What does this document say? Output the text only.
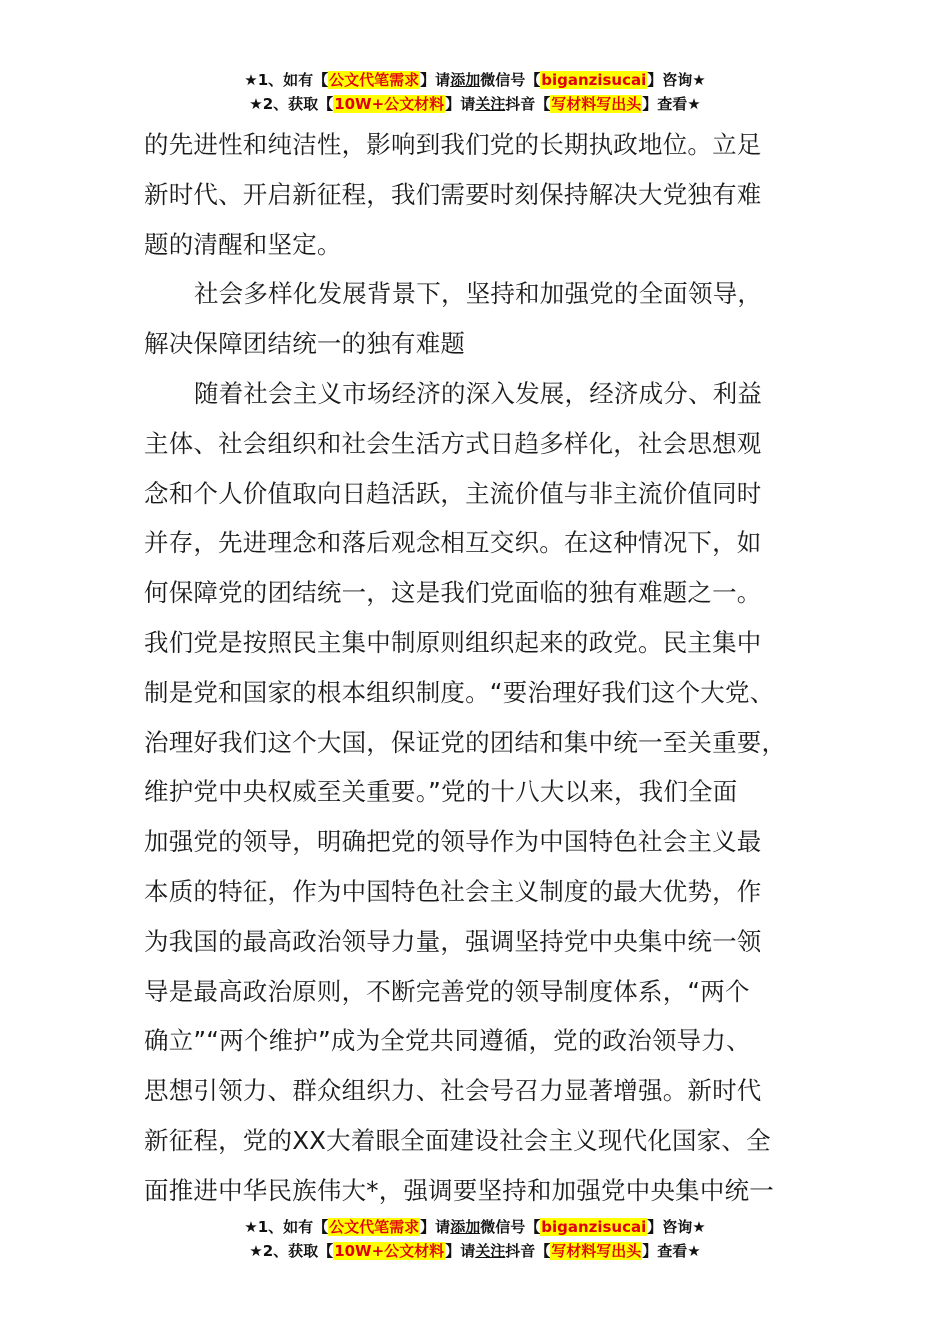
★1、如有【公文代笔需求】请添加微信号【biganzisucai】咨询★
★2、获取【10W+公文材料】请关注抖音【写材料写出头】查看★

的先进性和纯洁性，影响到我们党的长期执政地位。立足
新时代、开启新征程，我们需要时刻保持解决大党独有难
题的清醒和坚定。

社会多样化发展背景下，坚持和加强党的全面领导，
解决保障团结统一的独有难题

随着社会主义市场经济的深入发展，经济成分、利益
主体、社会组织和社会生活方式日趋多样化，社会思想观
念和个人价值取向日趋活跃，主流价值与非主流价值同时
并存，先进理念和落后观念相互交织。在这种情况下，如
何保障党的团结统一，这是我们党面临的独有难题之一。
我们党是按照民主集中制原则组织起来的政党。民主集中
制是党和国家的根本组织制度。“要治理好我们这个大党、
治理好我们这个大国，保证党的团结和集中统一至关重要，
维护党中央权威至关重要。”党的十八大以来，我们全面
加强党的领导，明确把党的领导作为中国特色社会主义最
本质的特征，作为中国特色社会主义制度的最大优势，作
为我国的最高政治领导力量，强调坚持党中央集中统一领
导是最高政治原则，不断完善党的领导制度体系，“两个
确立”“两个维护”成为全党共同遵循，党的政治领导力、
思想引领力、群众组织力、社会号召力显著增强。新时代
新征程，党的XX大着眼全面建设社会主义现代化国家、全
面推进中华民族伟大*，强调要坚持和加强党中央集中统一

★1、如有【公文代笔需求】请添加微信号【biganzisucai】咨询★
★2、获取【10W+公文材料】请关注抖音【写材料写出头】查看★
